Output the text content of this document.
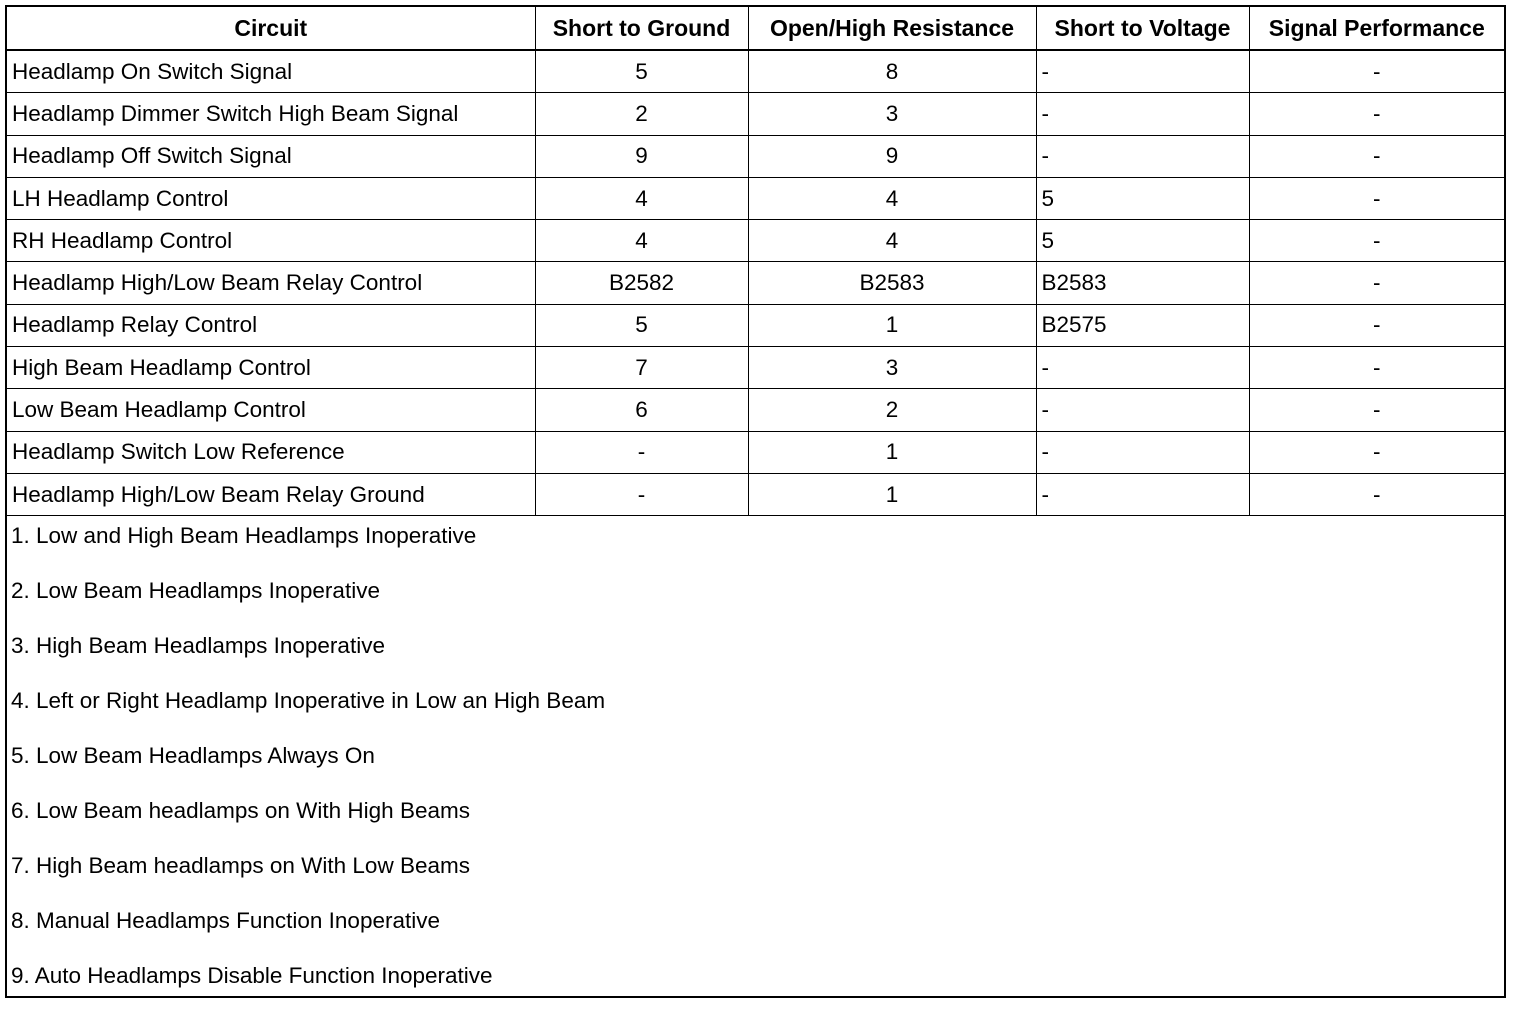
Circuit	Short to Ground	Open/High Resistance	Short to Voltage	Signal Performance
Headlamp On Switch Signal	5	8	-	-
Headlamp Dimmer Switch High Beam Signal	2	3	-	-
Headlamp Off Switch Signal	9	9	-	-
LH Headlamp Control	4	4	5	-
RH Headlamp Control	4	4	5	-
Headlamp High/Low Beam Relay Control	B2582	B2583	B2583	-
Headlamp Relay Control	5	1	B2575	-
High Beam Headlamp Control	7	3	-	-
Low Beam Headlamp Control	6	2	-	-
Headlamp Switch Low Reference	-	1	-	-
Headlamp High/Low Beam Relay Ground	-	1	-	-
1. Low and High Beam Headlamps Inoperative
2. Low Beam Headlamps Inoperative
3. High Beam Headlamps Inoperative
4. Left or Right Headlamp Inoperative in Low an High Beam
5. Low Beam Headlamps Always On
6. Low Beam headlamps on With High Beams
7. High Beam headlamps on With Low Beams
8. Manual Headlamps Function Inoperative
9. Auto Headlamps Disable Function Inoperative
